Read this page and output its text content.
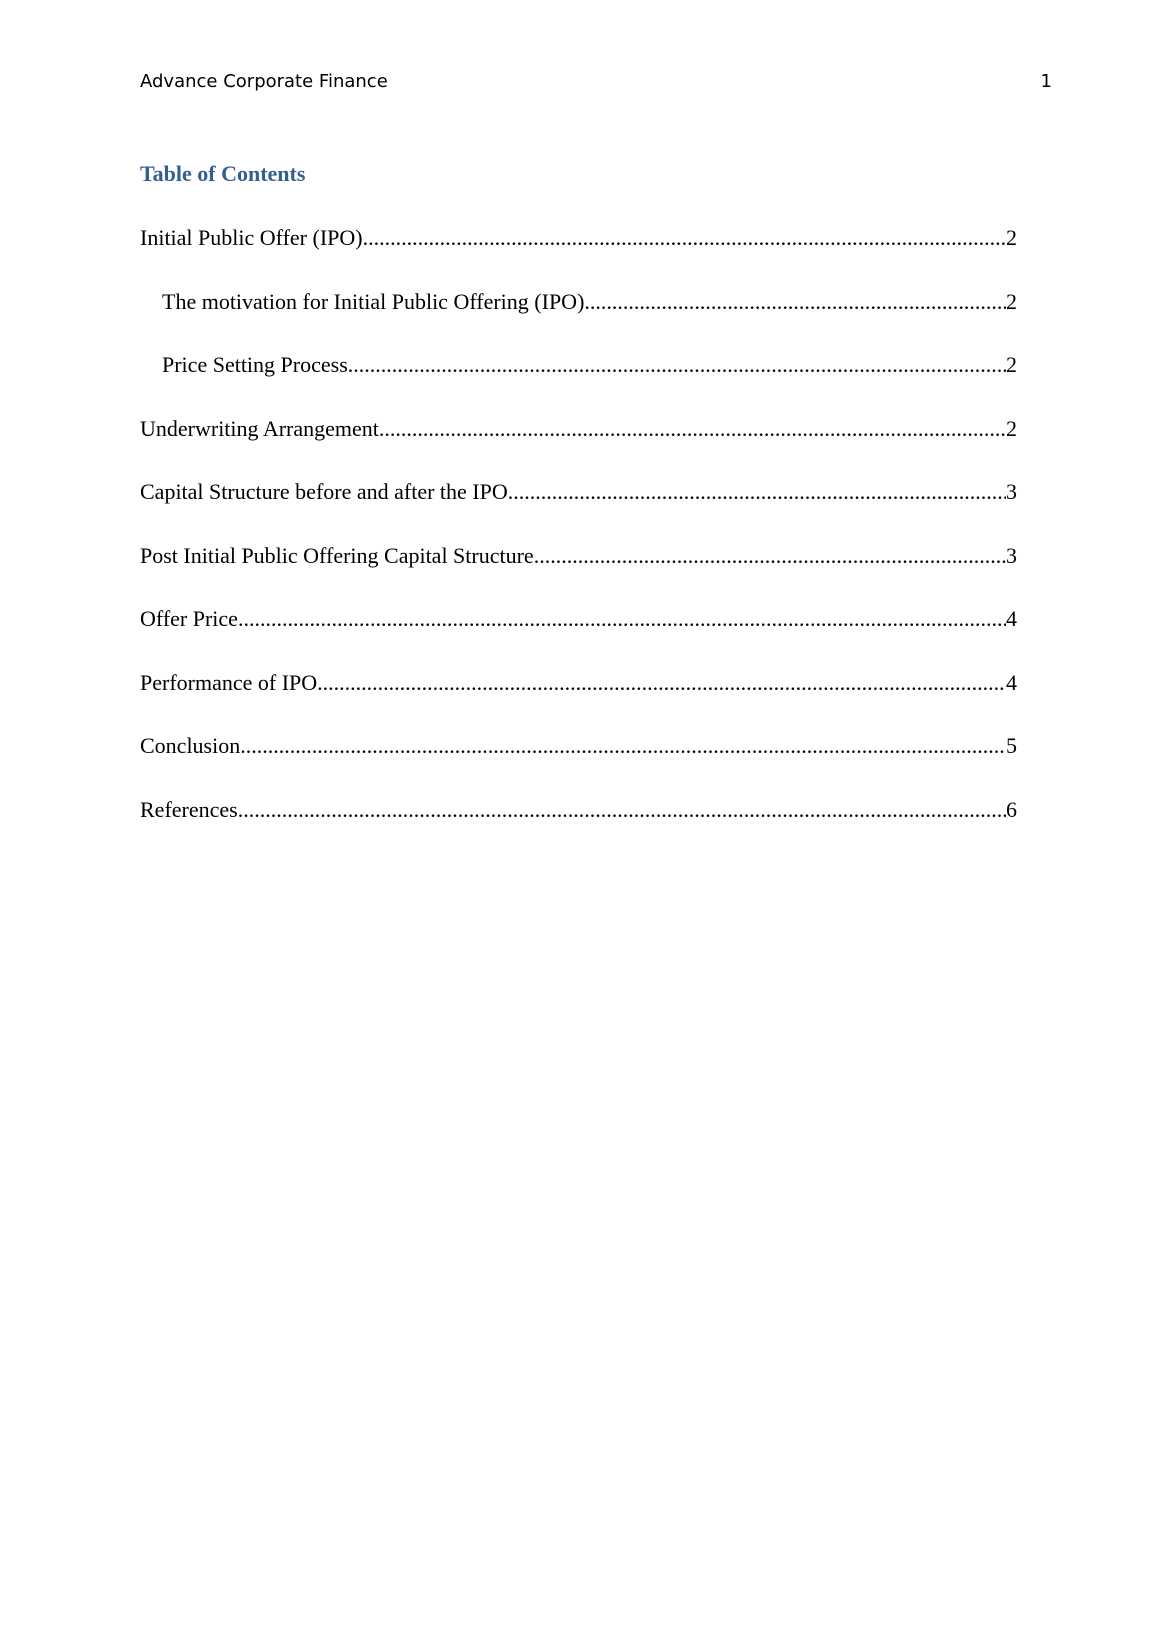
Advance Corporate Finance	1
Table of Contents
Initial Public Offer (IPO) .....	2
The motivation for Initial Public Offering (IPO) .....	2
Price Setting Process .....	2
Underwriting Arrangement .....	2
Capital Structure before and after the IPO .....	3
Post Initial Public Offering Capital Structure .....	3
Offer Price .....	4
Performance of IPO .....	4
Conclusion .....	5
References .....	6
